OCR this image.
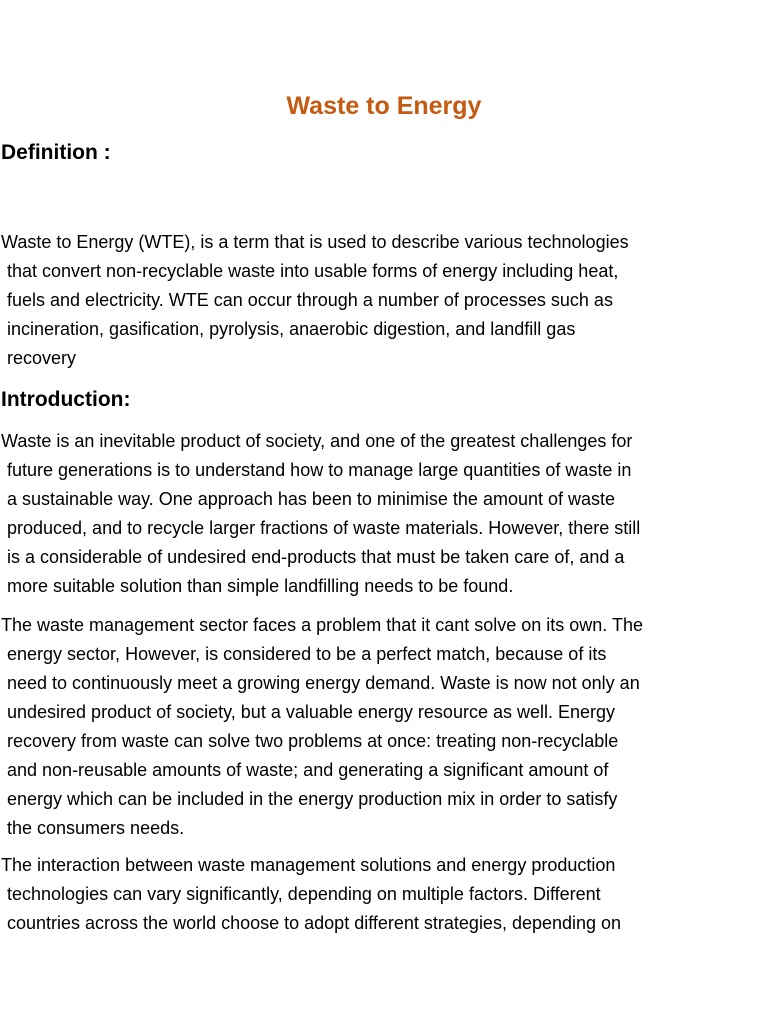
Waste to Energy
Definition :
Waste to Energy (WTE), is a term that is used to describe various technologies
that convert non-recyclable waste into usable forms of energy including heat,
fuels and electricity. WTE can occur through a number of processes such as
incineration, gasification, pyrolysis, anaerobic digestion, and landfill gas
recovery
Introduction:
Waste is an inevitable product of society, and one of the greatest challenges for
future generations is to understand how to manage large quantities of waste in
a sustainable way. One approach has been to minimise the amount of waste
produced, and to recycle larger fractions of waste materials. However, there still
is a considerable of undesired end-products that must be taken care of, and a
more suitable solution than simple landfilling needs to be found.
The waste management sector faces a problem that it cant solve on its own. The
energy sector, However, is considered to be a perfect match, because of its
need to continuously meet a growing energy demand. Waste is now not only an
undesired product of society, but a valuable energy resource as well. Energy
recovery from waste can solve two problems at once: treating non-recyclable
and non-reusable amounts of waste; and generating a significant amount of
energy which can be included in the energy production mix in order to satisfy
the consumers needs.
The interaction between waste management solutions and energy production
technologies can vary significantly, depending on multiple factors. Different
countries across the world choose to adopt different strategies, depending on
